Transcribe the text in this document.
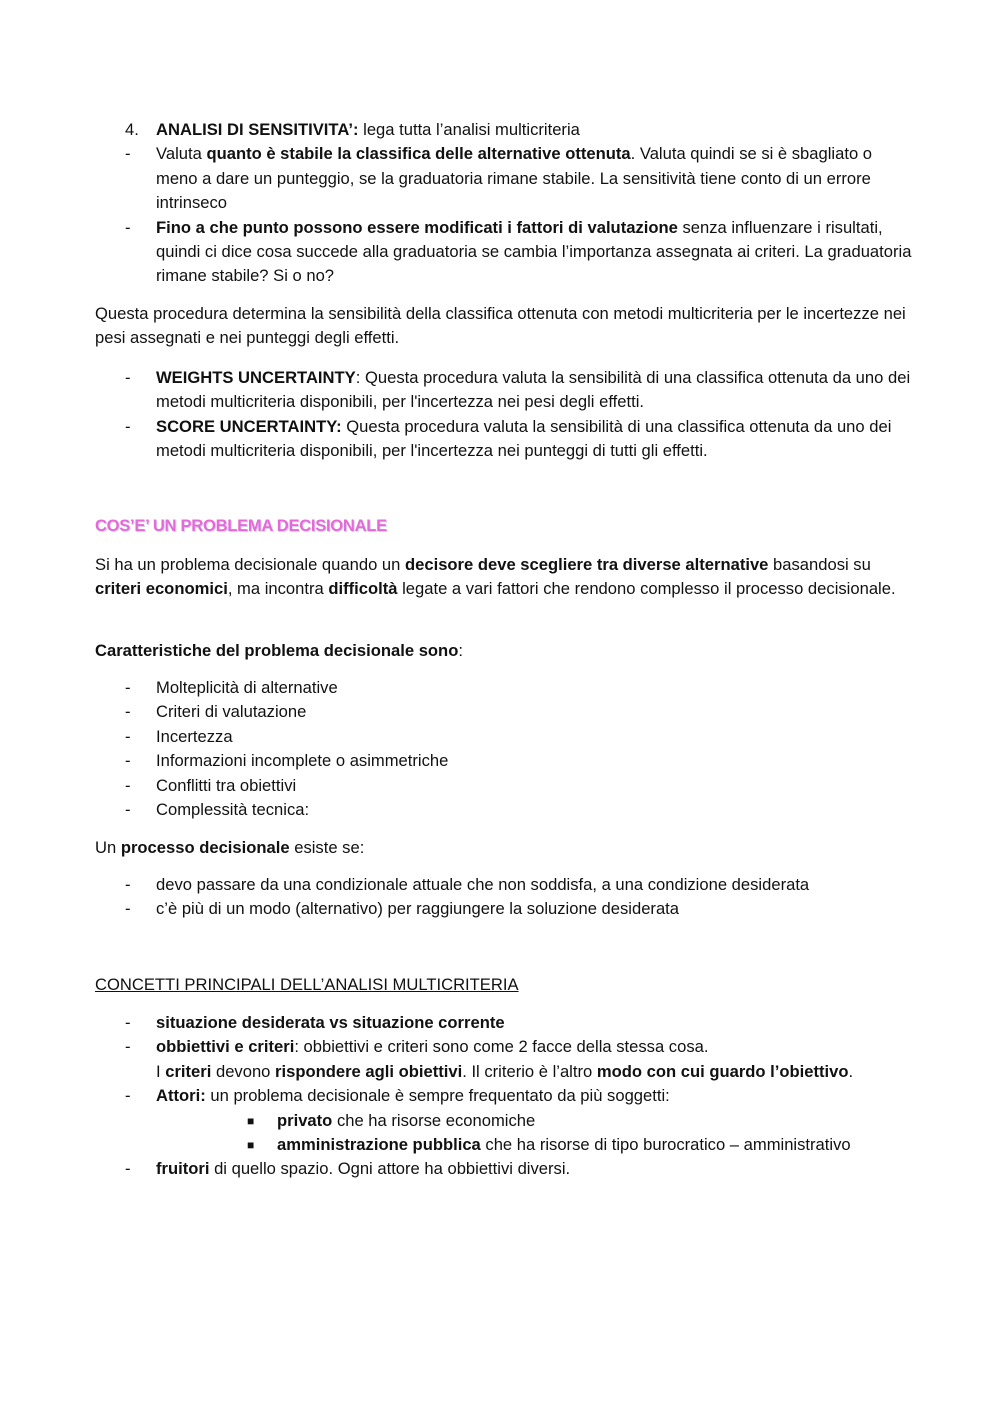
4. ANALISI DI SENSITIVITA’: lega tutta l’analisi multicriteria

- Valuta quanto è stabile la classifica delle alternative ottenuta. Valuta quindi se si è sbagliato o meno a dare un punteggio, se la graduatoria rimane stabile. La sensitività tiene conto di un errore intrinseco

- Fino a che punto possono essere modificati i fattori di valutazione senza influenzare i risultati, quindi ci dice cosa succede alla graduatoria se cambia l’importanza assegnata ai criteri. La graduatoria rimane stabile? Si o no?

Questa procedura determina la sensibilità della classifica ottenuta con metodi multicriteria per le incertezze nei pesi assegnati e nei punteggi degli effetti.

- WEIGHTS UNCERTAINTY: Questa procedura valuta la sensibilità di una classifica ottenuta da uno dei metodi multicriteria disponibili, per l'incertezza nei pesi degli effetti.

- SCORE UNCERTAINTY: Questa procedura valuta la sensibilità di una classifica ottenuta da uno dei metodi multicriteria disponibili, per l'incertezza nei punteggi di tutti gli effetti.

COS’E’ UN PROBLEMA DECISIONALE

Si ha un problema decisionale quando un decisore deve scegliere tra diverse alternative basandosi su criteri economici, ma incontra difficoltà legate a vari fattori che rendono complesso il processo decisionale.

Caratteristiche del problema decisionale sono:

- Molteplicità di alternative

- Criteri di valutazione

- Incertezza

- Informazioni incomplete o asimmetriche

- Conflitti tra obiettivi

- Complessità tecnica:

Un processo decisionale esiste se:

- devo passare da una condizionale attuale che non soddisfa, a una condizione desiderata

- c’è più di un modo (alternativo) per raggiungere la soluzione desiderata

CONCETTI PRINCIPALI DELL’ANALISI MULTICRITERIA

- situazione desiderata vs situazione corrente

- obbiettivi e criteri: obbiettivi e criteri sono come 2 facce della stessa cosa.
I criteri devono rispondere agli obiettivi. Il criterio è l’altro modo con cui guardo l’obiettivo.

- Attori: un problema decisionale è sempre frequentato da più soggetti:

■ privato che ha risorse economiche

■ amministrazione pubblica che ha risorse di tipo burocratico – amministrativo

- fruitori di quello spazio. Ogni attore ha obbiettivi diversi.
